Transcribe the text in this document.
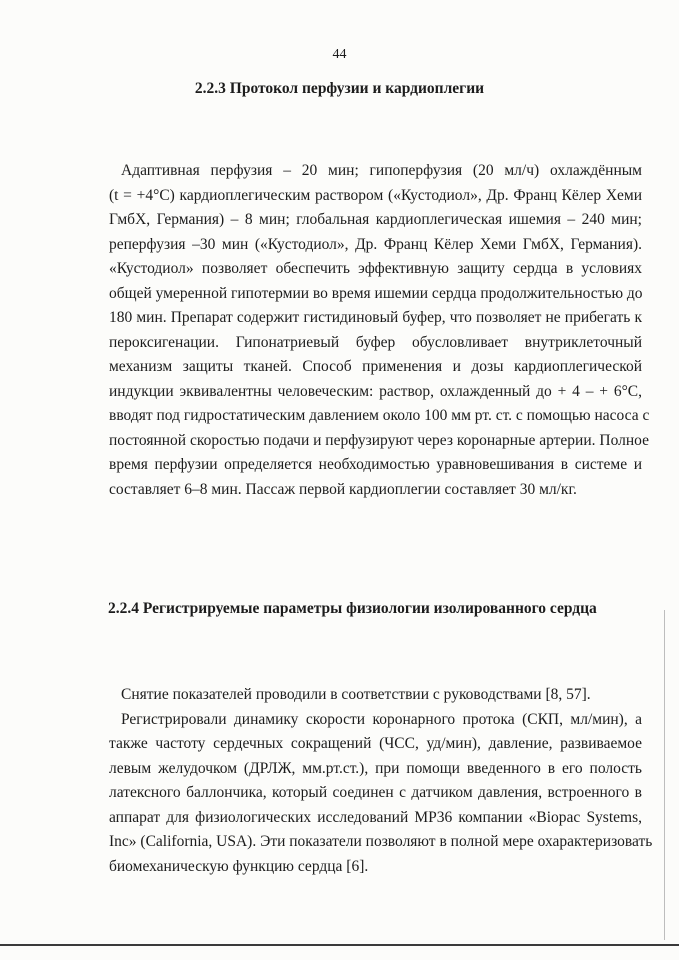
44
2.2.3 Протокол перфузии и кардиоплегии
Адаптивная перфузия – 20 мин; гипоперфузия (20 мл/ч) охлаждённым
(t = +4°C) кардиоплегическим раствором («Кустодиол», Др. Франц Кёлер Хеми
ГмбХ, Германия) – 8 мин; глобальная кардиоплегическая ишемия – 240 мин;
реперфузия –30 мин («Кустодиол», Др. Франц Кёлер Хеми ГмбХ, Германия).
«Кустодиол» позволяет обеспечить эффективную защиту сердца в условиях
общей умеренной гипотермии во время ишемии сердца продолжительностью до
180 мин. Препарат содержит гистидиновый буфер, что позволяет не прибегать к
пероксигенации. Гипонатриевый буфер обусловливает внутриклеточный
механизм защиты тканей. Способ применения и дозы кардиоплегической
индукции эквивалентны человеческим: раствор, охлажденный до + 4 – + 6°C,
вводят под гидростатическим давлением около 100 мм рт. ст. с помощью насоса с
постоянной скоростью подачи и перфузируют через коронарные артерии. Полное
время перфузии определяется необходимостью уравновешивания в системе и
составляет 6–8 мин. Пассаж первой кардиоплегии составляет 30 мл/кг.
2.2.4 Регистрируемые параметры физиологии изолированного сердца
Снятие показателей проводили в соответствии с руководствами [8, 57].
Регистрировали динамику скорости коронарного протока (СКП, мл/мин), а
также частоту сердечных сокращений (ЧСС, уд/мин), давление, развиваемое
левым желудочком (ДРЛЖ, мм.рт.ст.), при помощи введенного в его полость
латексного баллончика, который соединен с датчиком давления, встроенного в
аппарат для физиологических исследований MP36 компании «Biopac Systems,
Inc» (California, USA). Эти показатели позволяют в полной мере охарактеризовать
биомеханическую функцию сердца [6].
